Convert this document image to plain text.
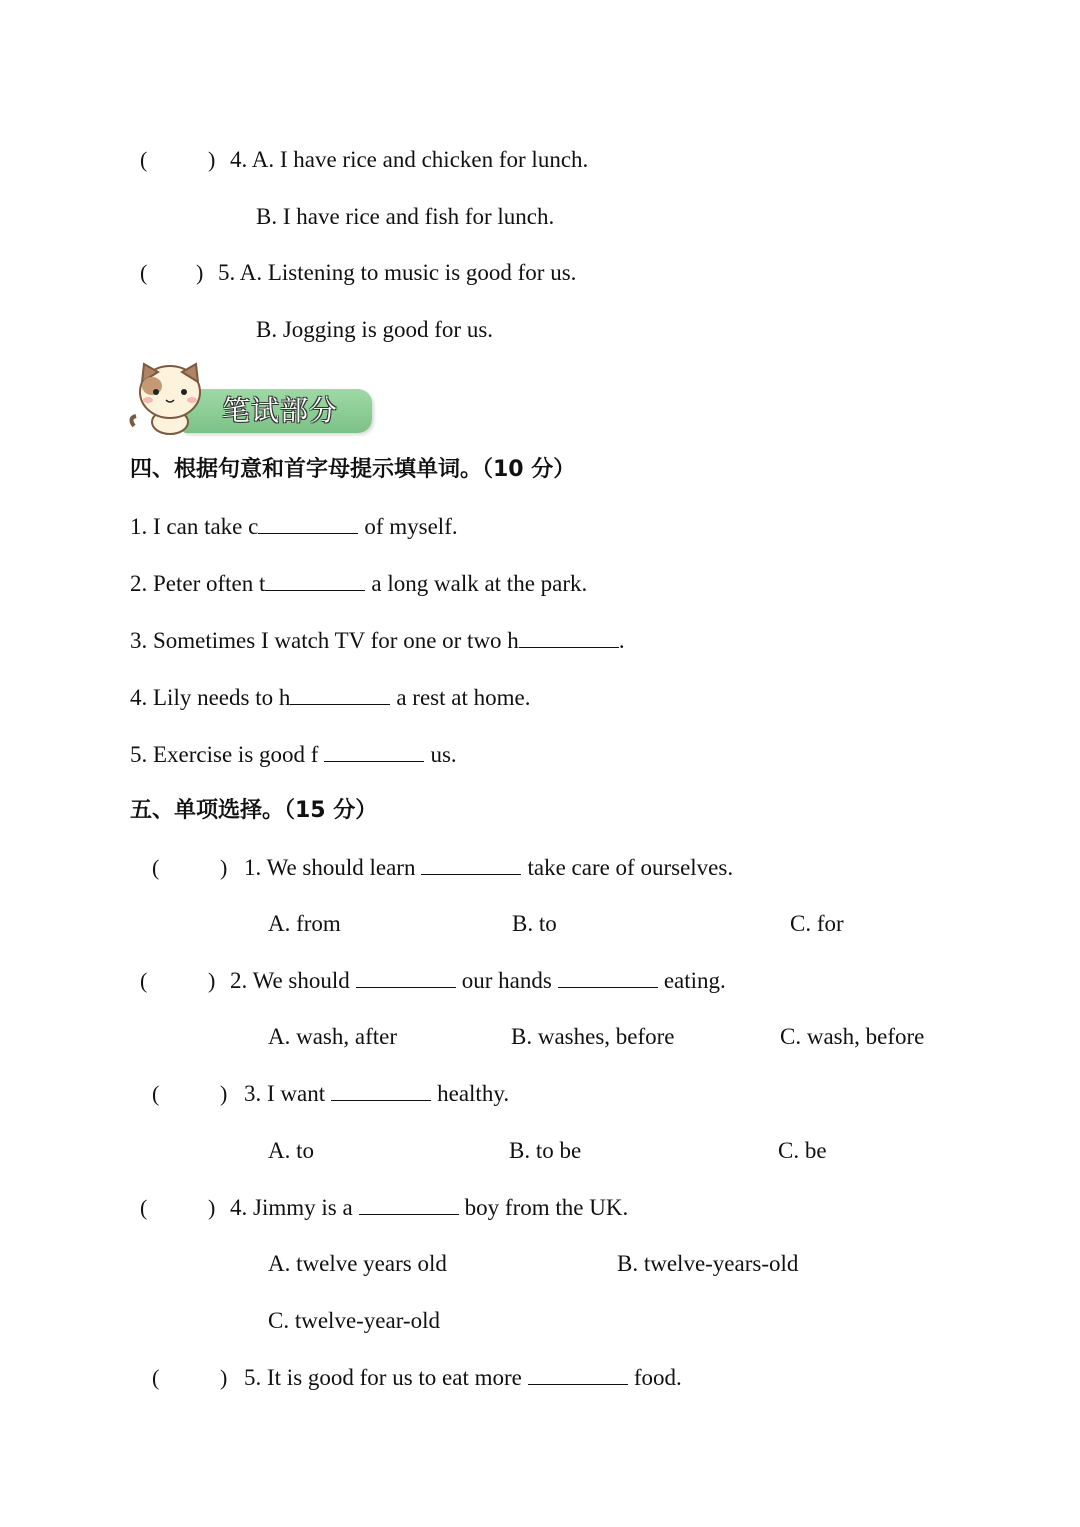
(	) 4. A. I have rice and chicken for lunch.
B. I have rice and fish for lunch.
( ) 5. A. Listening to music is good for us.
B. Jogging is good for us.
笔试部分
四、根据句意和首字母提示填单词。（10 分）
1. I can take c	of myself.
2. Peter often t	a long walk at the park.
3. Sometimes I watch TV for one or two h	.
4. Lily needs to h	a rest at home.
5. Exercise is good f	us.
五、单项选择。（15 分）
(	) 1. We should learn	take care of ourselves.
A. from	B. to	C. for
(	) 2. We should	our hands	eating.
A. wash, after	B. washes, before	C. wash, before
(	) 3. I want	healthy.
A. to	B. to be	C. be
(	) 4. Jimmy is a	boy from the UK.
A. twelve years old	B. twelve-years-old
C. twelve-year-old
(	) 5. It is good for us to eat more	food.
